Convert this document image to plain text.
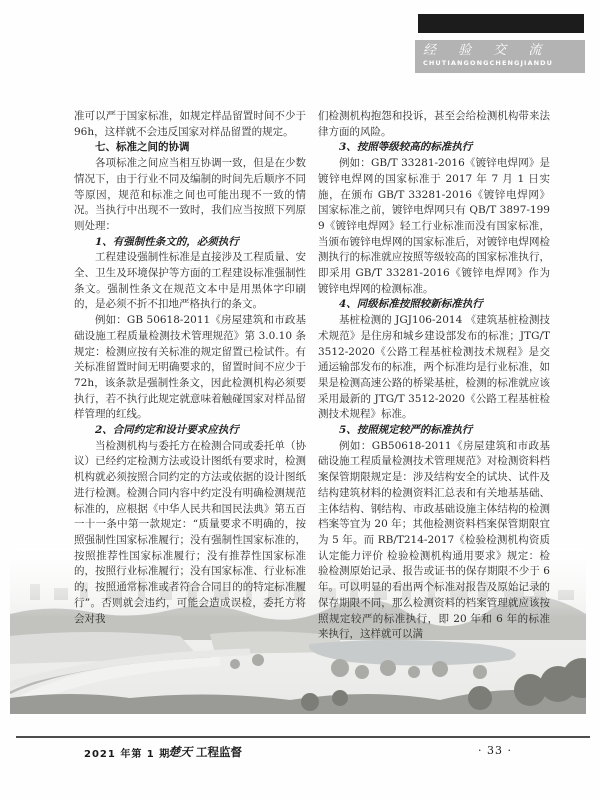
经 验 交 流
CHUTIANGONGCHENGJIANDU

准可以严于国家标准，如规定样品留置时间不少于 96h，这样就不会违反国家对样品留置的规定。

七、标准之间的协调

各项标准之间应当相互协调一致，但是在少数情况下，由于行业不同及编制的时间先后顺序不同等原因，规范和标准之间也可能出现不一致的情况。当执行中出现不一致时，我们应当按照下列原则处理：

1、有强制性条文的，必须执行

工程建设强制性标准是直接涉及工程质量、安全、卫生及环境保护等方面的工程建设标准强制性条文。强制性条文在规范文本中是用黑体字印刷的，是必须不折不扣地严格执行的条文。

例如：GB 50618-2011《房屋建筑和市政基础设施工程质量检测技术管理规范》第 3.0.10 条规定：检测应按有关标准的规定留置已检试件。有关标准留置时间无明确要求的，留置时间不应少于 72h，该条款是强制性条文，因此检测机构必须要执行，若不执行此规定就意味着触碰国家对样品留样管理的红线。

2、合同约定和设计要求应执行

当检测机构与委托方在检测合同或委托单（协议）已经约定检测方法或设计图纸有要求时，检测机构就必须按照合同约定的方法或依据的设计图纸进行检测。检测合同内容中约定没有明确检测规范标准的，应根据《中华人民共和国民法典》第五百一十一条中第一款规定：“质量要求不明确的，按照强制性国家标准履行；没有强制性国家标准的，按照推荐性国家标准履行；没有推荐性国家标准的，按照行业标准履行；没有国家标准、行业标准的，按照通常标准或者符合合同目的的特定标准履行”。否则就会违约，可能会造成误检，委托方将会对我

们检测机构抱怨和投诉，甚至会给检测机构带来法律方面的风险。

3、按照等级较高的标准执行

例如：GB/T 33281-2016《镀锌电焊网》是镀锌电焊网的国家标准于 2017 年 7 月 1 日实施，在颁布 GB/T 33281-2016《镀锌电焊网》国家标准之前，镀锌电焊网只有 QB/T 3897-1999《镀锌电焊网》轻工行业标准而没有国家标准，当颁布镀锌电焊网的国家标准后，对镀锌电焊网检测执行的标准就应按照等级较高的国家标准执行，即采用 GB/T 33281-2016《镀锌电焊网》作为镀锌电焊网的检测标准。

4、同级标准按照较新标准执行

基桩检测的 JGJ106-2014 《建筑基桩检测技术规范》是住房和城乡建设部发布的标准；JTG/T 3512-2020《公路工程基桩检测技术规程》是交通运输部发布的标准，两个标准均是行业标准，如果是检测高速公路的桥梁基桩，检测的标准就应该采用最新的 JTG/T 3512-2020《公路工程基桩检测技术规程》标准。

5、按照规定较严的标准执行

例如：GB50618-2011《房屋建筑和市政基础设施工程质量检测技术管理规范》对检测资料档案保管期限规定是：涉及结构安全的试块、试件及结构建筑材料的检测资料汇总表和有关地基基础、主体结构、钢结构、市政基础设施主体结构的检测档案等宜为 20 年；其他检测资料档案保管期限宜为 5 年。而 RB/T214-2017《检验检测机构资质认定能力评价 检验检测机构通用要求》规定：检验检测原始记录、报告或证书的保存期限不少于 6 年。可以明显的看出两个标准对报告及原始记录的保存期限不同，那么检测资料的档案管理就应该按照规定较严的标准执行，即 20 年和 6 年的标准来执行，这样就可以满

2021 年第 1 期
楚天 工程监督	· 33 ·
